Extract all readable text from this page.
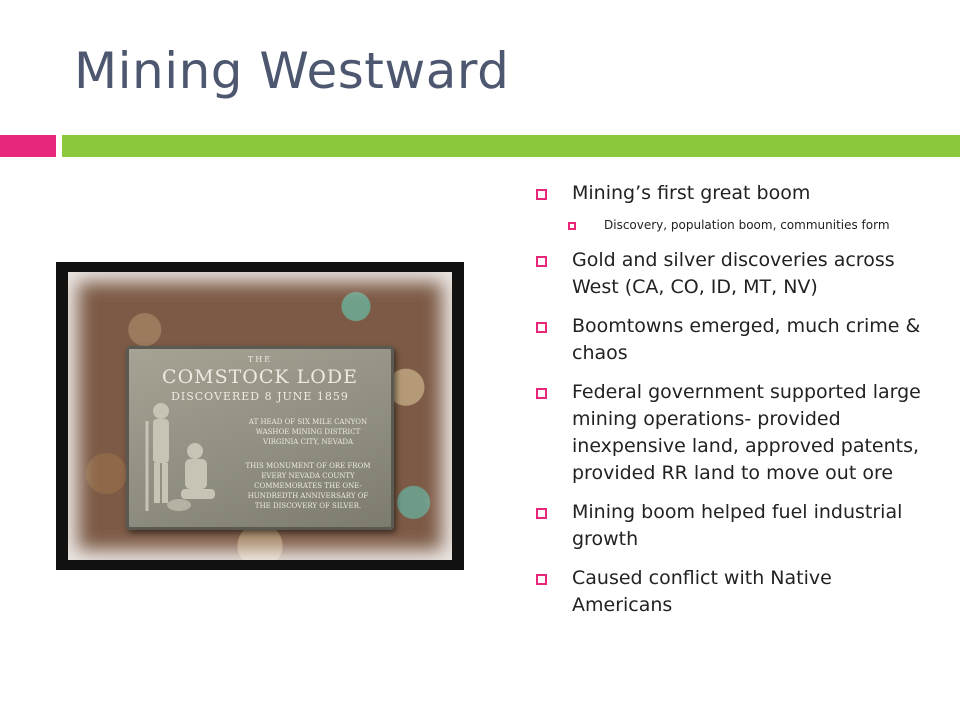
Mining Westward
THE
COMSTOCK LODE
DISCOVERED 8 JUNE 1859
AT HEAD OF SIX MILE CANYON
WASHOE MINING DISTRICT
VIRGINIA CITY, NEVADA
THIS MONUMENT OF ORE FROM
EVERY NEVADA COUNTY
COMMEMORATES THE ONE-
HUNDREDTH ANNIVERSARY OF
THE DISCOVERY OF SILVER.
Mining’s first great boom
Discovery, population boom, communities form
Gold and silver discoveries across West (CA, CO, ID, MT, NV)
Boomtowns emerged, much crime & chaos
Federal government supported large mining operations- provided inexpensive land, approved patents, provided RR land to move out ore
Mining boom helped fuel industrial growth
Caused conflict with Native Americans
